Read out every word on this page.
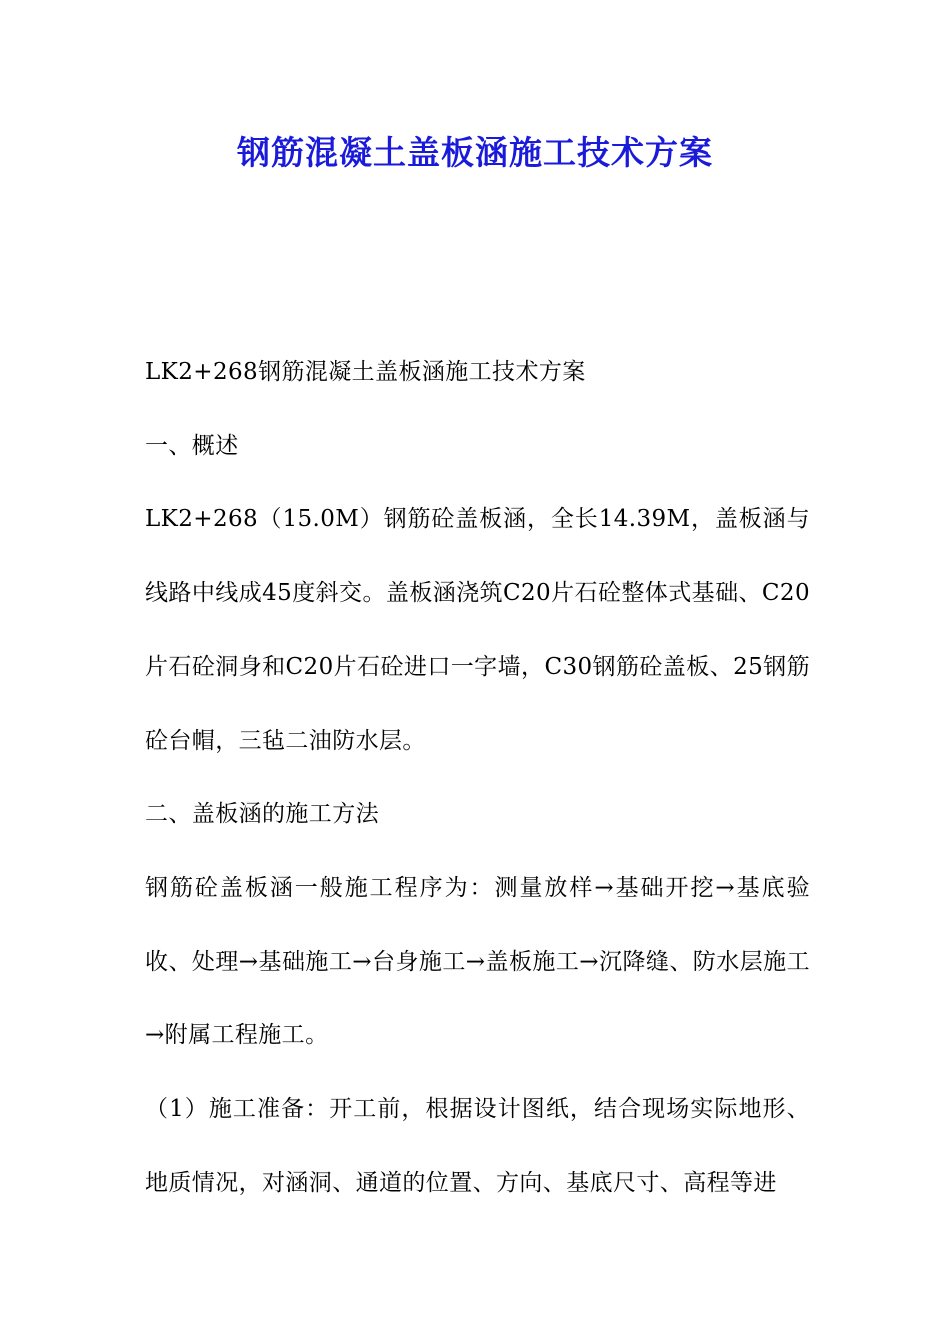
钢筋混凝土盖板涵施工技术方案

LK2+268钢筋混凝土盖板涵施工技术方案

一、概述

LK2+268（15.0M）钢筋砼盖板涵，全长14.39M，盖板涵与线路中线成45度斜交。盖板涵浇筑C20片石砼整体式基础、C20片石砼洞身和C20片石砼进口一字墙，C30钢筋砼盖板、25钢筋砼台帽，三毡二油防水层。

二、盖板涵的施工方法

钢筋砼盖板涵一般施工程序为：测量放样→基础开挖→基底验收、处理→基础施工→台身施工→盖板施工→沉降缝、防水层施工→附属工程施工。

（1）施工准备：开工前，根据设计图纸，结合现场实际地形、地质情况，对涵洞、通道的位置、方向、基底尺寸、高程等进
